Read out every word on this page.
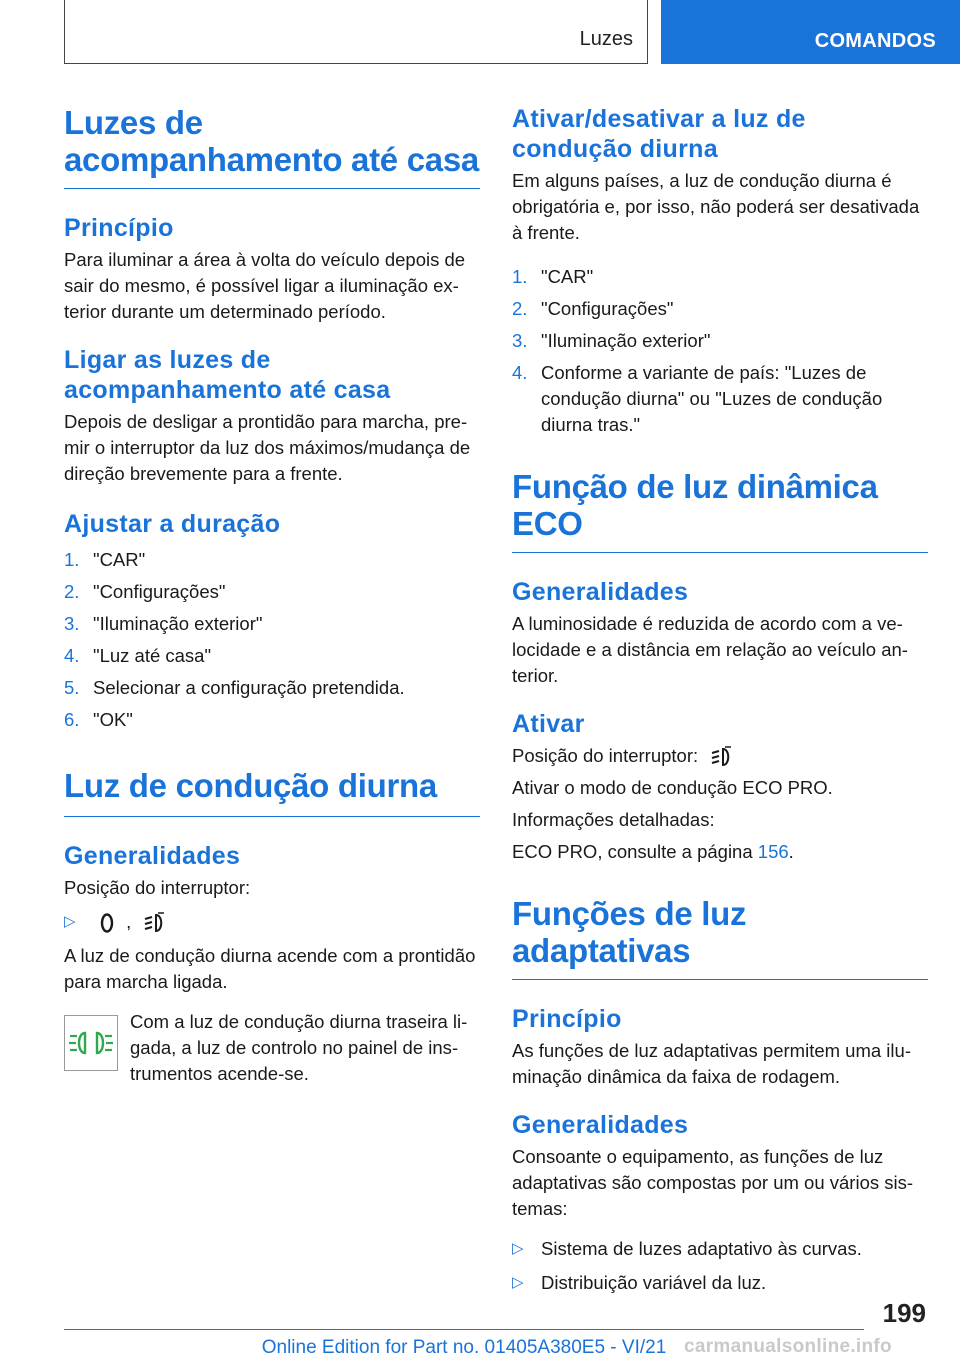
Luzes	COMANDOS
Luzes de acompanhamento até casa
Princípio

Para iluminar a área à volta do veículo depois de sair do mesmo, é possível ligar a iluminação exterior durante um determinado período.

Ligar as luzes de acompanhamento até casa

Depois de desligar a prontidão para marcha, premir o interruptor da luz dos máximos/mudança de direção brevemente para a frente.

Ajustar a duração
1. "CAR"
2. "Configurações"
3. "Iluminação exterior"
4. "Luz até casa"
5. Selecionar a configuração pretendida.
6. "OK"
Luz de condução diurna
Generalidades

Posição do interruptor:

▷	,

A luz de condução diurna acende com a prontidão para marcha ligada.

Com a luz de condução diurna traseira ligada, a luz de controlo no painel de instrumentos acende-se.

Ativar/desativar a luz de condução diurna

Em alguns países, a luz de condução diurna é obrigatória e, por isso, não poderá ser desativada à frente.

1. "CAR"
2. "Configurações"
3. "Iluminação exterior"
4. Conforme a variante de país: "Luzes de condução diurna" ou "Luzes de condução diurna tras."
Função de luz dinâmica ECO
Generalidades

A luminosidade é reduzida de acordo com a velocidade e a distância em relação ao veículo anterior.

Ativar

Posição do interruptor:

Ativar o modo de condução ECO PRO.

Informações detalhadas:

ECO PRO, consulte a página 156.

Funções de luz adaptativas
Princípio

As funções de luz adaptativas permitem uma iluminação dinâmica da faixa de rodagem.

Generalidades

Consoante o equipamento, as funções de luz adaptativas são compostas por um ou vários sistemas:

▷ Sistema de luzes adaptativo às curvas.
▷ Distribuição variável da luz.
199
Online Edition for Part no. 01405A380E5 - VI/21 carmanualsonline.info
